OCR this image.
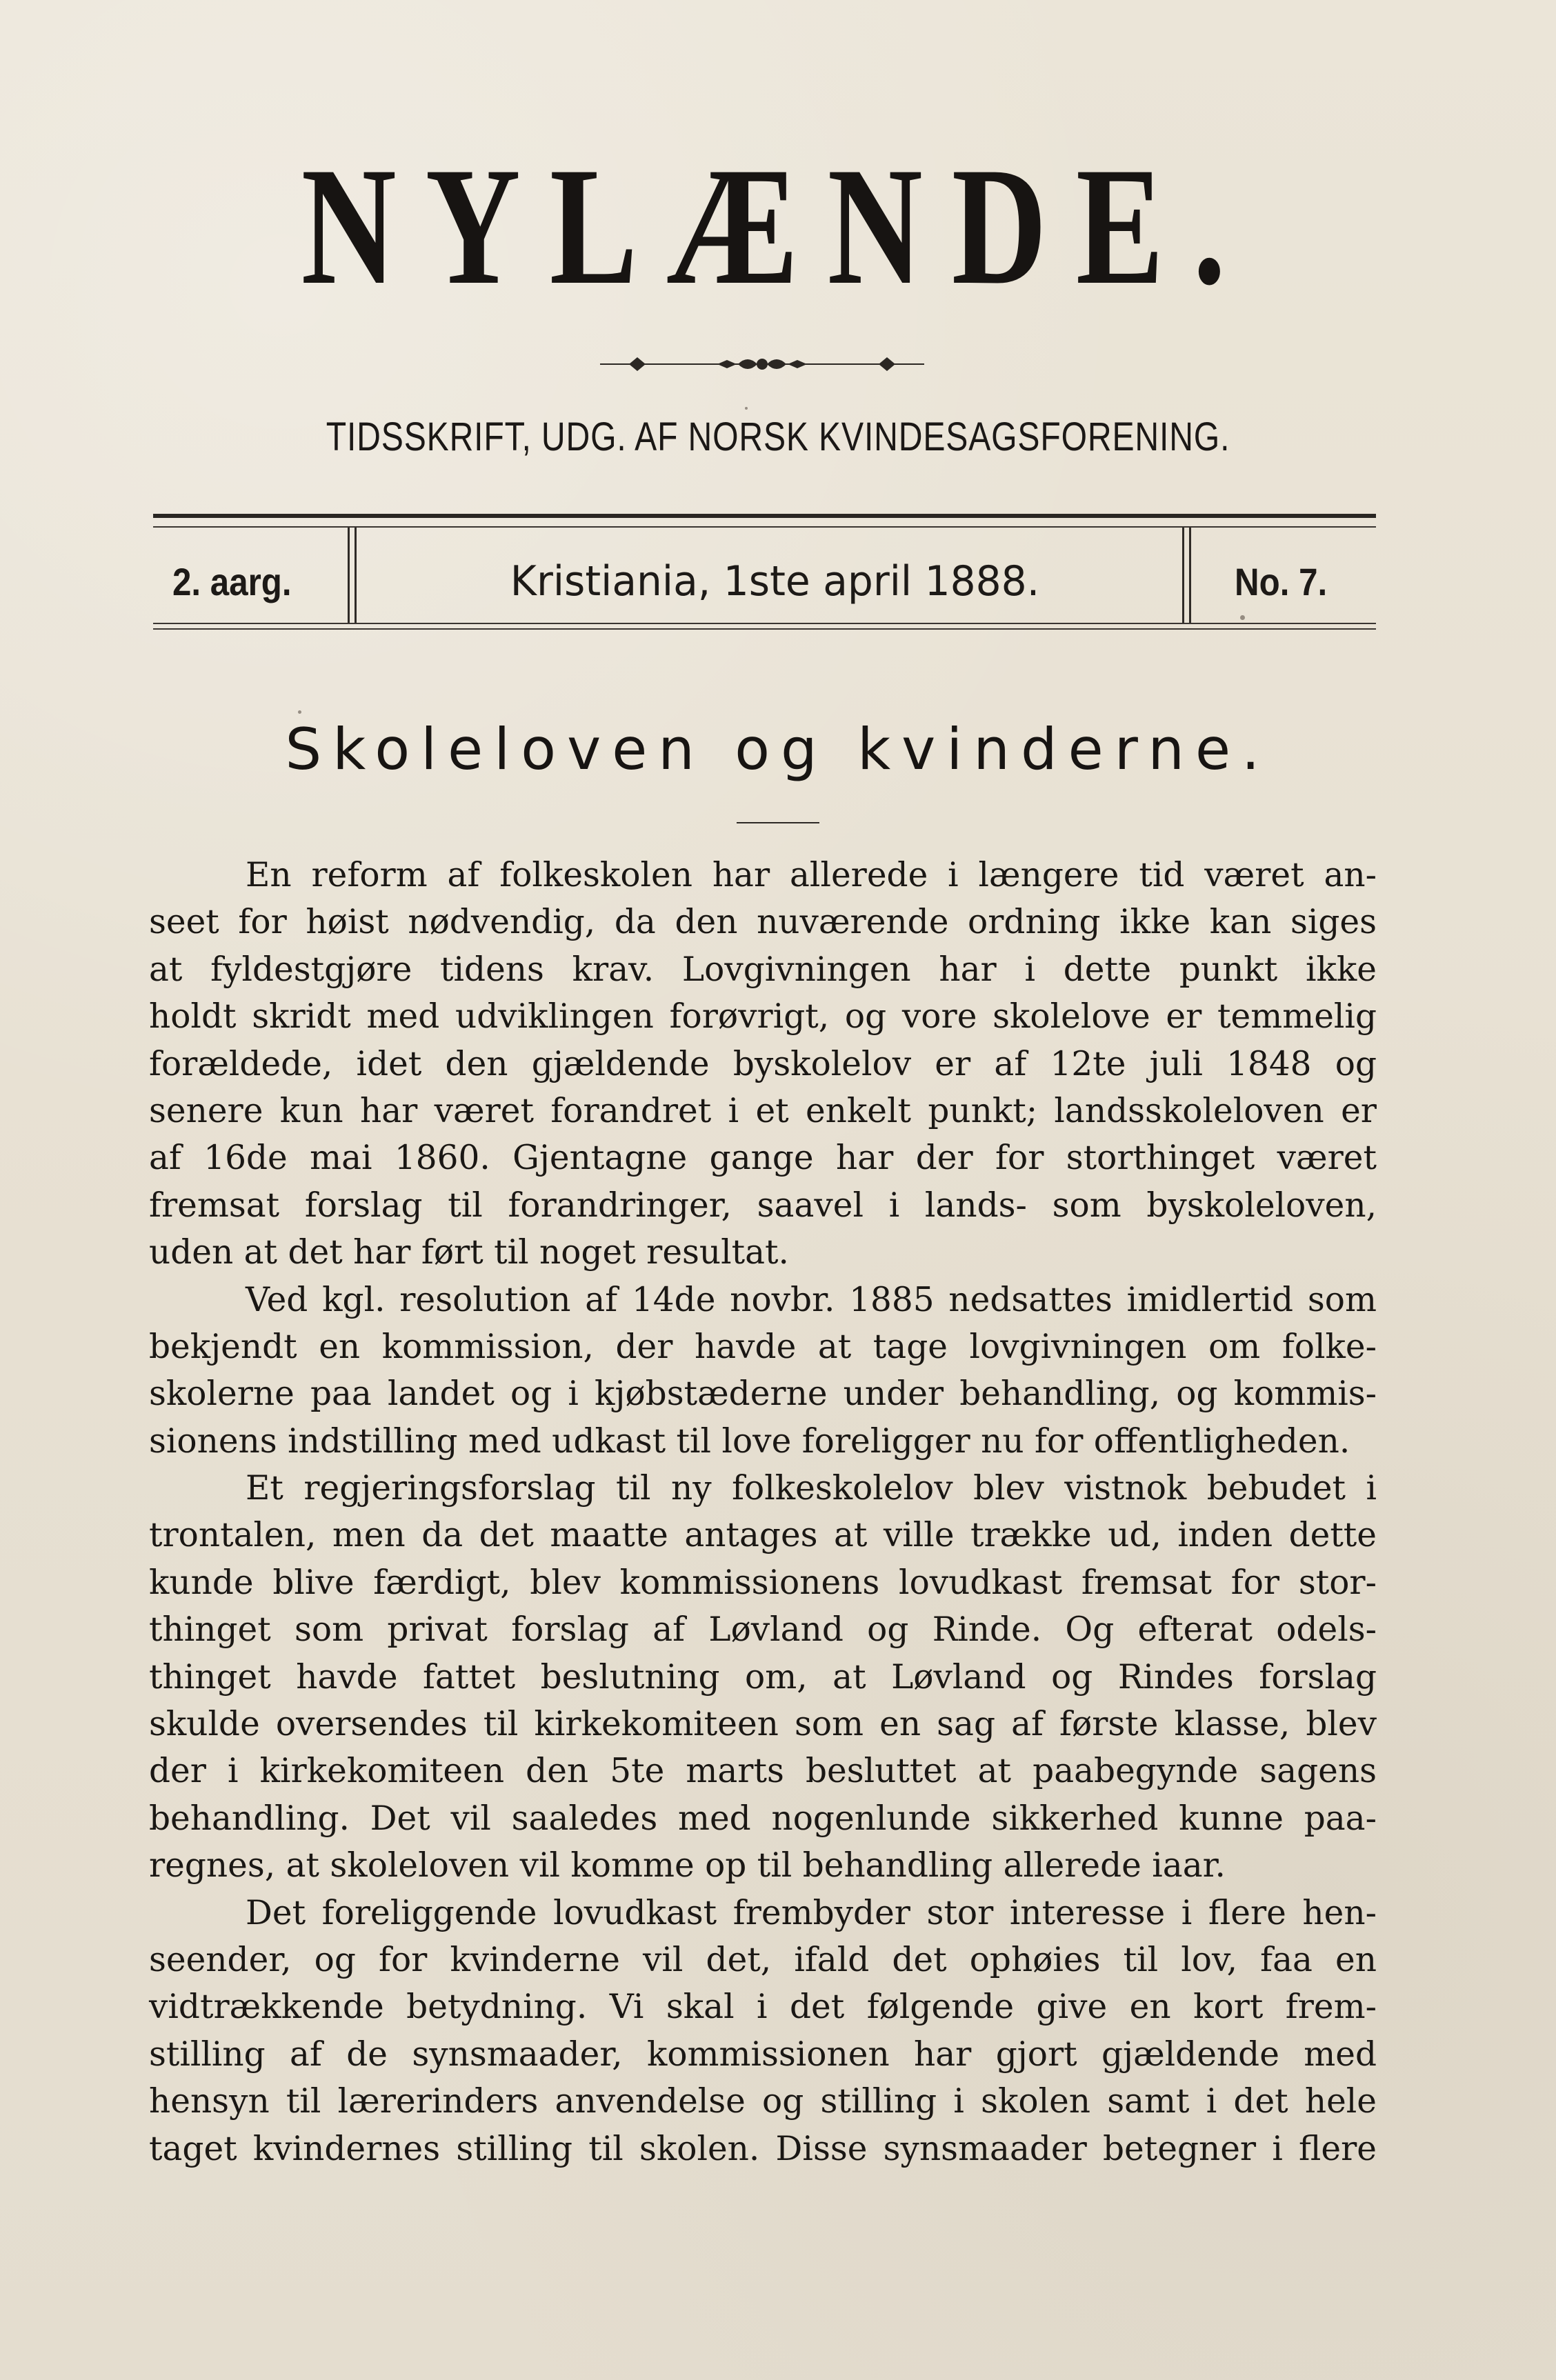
NYLÆNDE.
TIDSSKRIFT, UDG. AF NORSK KVINDESAGSFORENING.
2. aarg.	Kristiania, 1ste april 1888.	No. 7.
Skoleloven og kvinderne.
En reform af folkeskolen har allerede i længere tid været an-
seet for høist nødvendig, da den nuværende ordning ikke kan siges
at fyldestgjøre tidens krav. Lovgivningen har i dette punkt ikke
holdt skridt med udviklingen forøvrigt, og vore skolelove er temmelig
forældede, idet den gjældende byskolelov er af 12te juli 1848 og
senere kun har været forandret i et enkelt punkt; landsskoleloven er
af 16de mai 1860. Gjentagne gange har der for storthinget været
fremsat forslag til forandringer, saavel i lands- som byskoleloven,
uden at det har ført til noget resultat.
Ved kgl. resolution af 14de novbr. 1885 nedsattes imidlertid som
bekjendt en kommission, der havde at tage lovgivningen om folke-
skolerne paa landet og i kjøbstæderne under behandling, og kommis-
sionens indstilling med udkast til love foreligger nu for offentligheden.
Et regjeringsforslag til ny folkeskolelov blev vistnok bebudet i
trontalen, men da det maatte antages at ville trække ud, inden dette
kunde blive færdigt, blev kommissionens lovudkast fremsat for stor-
thinget som privat forslag af Løvland og Rinde. Og efterat odels-
thinget havde fattet beslutning om, at Løvland og Rindes forslag
skulde oversendes til kirkekomiteen som en sag af første klasse, blev
der i kirkekomiteen den 5te marts besluttet at paabegynde sagens
behandling. Det vil saaledes med nogenlunde sikkerhed kunne paa-
regnes, at skoleloven vil komme op til behandling allerede iaar.
Det foreliggende lovudkast frembyder stor interesse i flere hen-
seender, og for kvinderne vil det, ifald det ophøies til lov, faa en
vidtrækkende betydning. Vi skal i det følgende give en kort frem-
stilling af de synsmaader, kommissionen har gjort gjældende med
hensyn til lærerinders anvendelse og stilling i skolen samt i det hele
taget kvindernes stilling til skolen. Disse synsmaader betegner i flere
